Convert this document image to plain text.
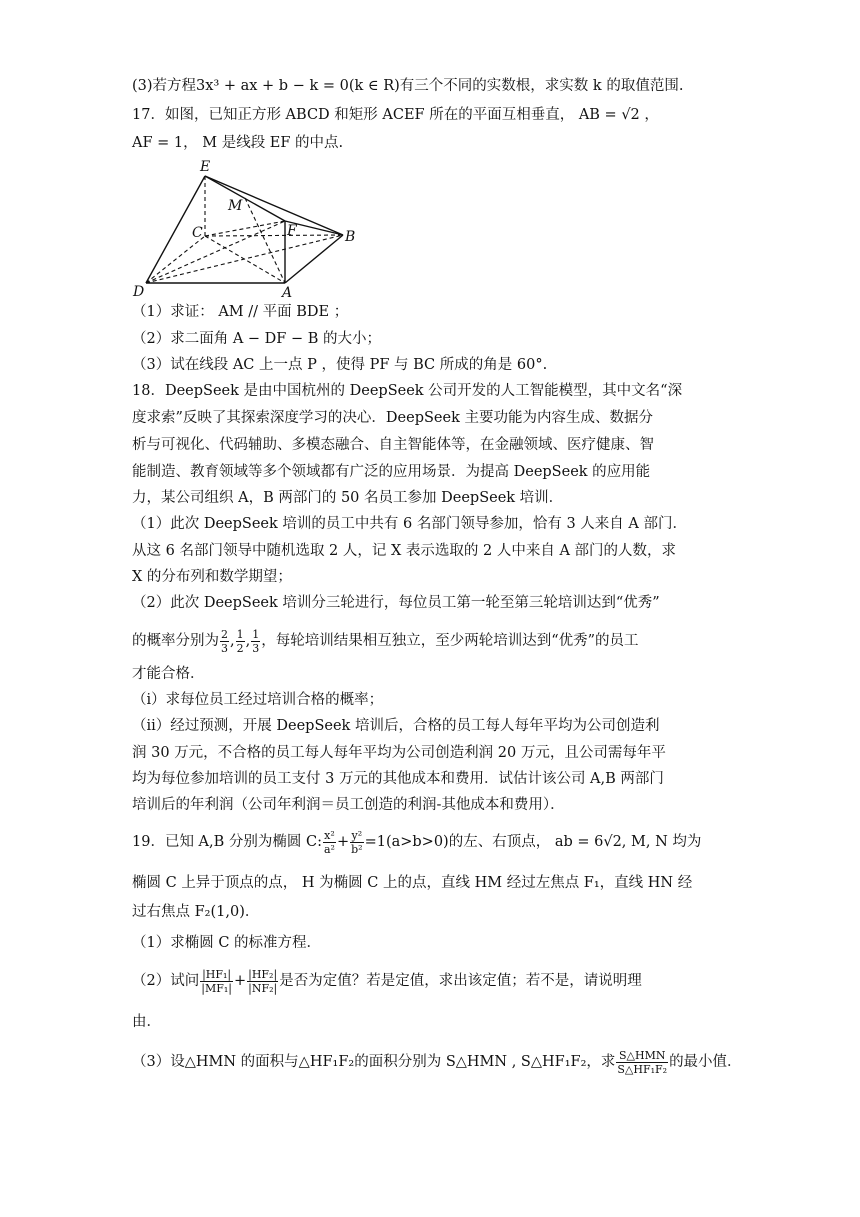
(3)若方程3x³ + ax + b − k = 0(k ∈ R)有三个不同的实数根，求实数 k 的取值范围.
17．如图，已知正方形 ABCD 和矩形 ACEF 所在的平面互相垂直， AB = √2 ，
AF = 1， M 是线段 EF 的中点.
E
M
C	F	B
D	A
（1）求证： AM // 平面 BDE ；
（2）求二面角 A − DF − B 的大小；
（3）试在线段 AC 上一点 P ，使得 PF 与 BC 所成的角是 60°.
18．DeepSeek 是由中国杭州的 DeepSeek 公司开发的人工智能模型，其中文名“深
度求索”反映了其探索深度学习的决心．DeepSeek 主要功能为内容生成、数据分
析与可视化、代码辅助、多模态融合、自主智能体等，在金融领域、医疗健康、智
能制造、教育领域等多个领域都有广泛的应用场景．为提高 DeepSeek 的应用能
力，某公司组织 A，B 两部门的 50 名员工参加 DeepSeek 培训．
（1）此次 DeepSeek 培训的员工中共有 6 名部门领导参加，恰有 3 人来自 A 部门．
从这 6 名部门领导中随机选取 2 人，记 X 表示选取的 2 人中来自 A 部门的人数，求
X 的分布列和数学期望；
（2）此次 DeepSeek 培训分三轮进行，每位员工第一轮至第三轮培训达到“优秀”
的概率分别为 $\frac{2}{3}$ , $\frac{1}{2}$ , $\frac{1}{3}$ ，每轮培训结果相互独立，至少两轮培训达到“优秀”的员工
才能合格．
（ⅰ）求每位员工经过培训合格的概率；
（ⅱ）经过预测，开展 DeepSeek 培训后，合格的员工每人每年平均为公司创造利
润 30 万元，不合格的员工每人每年平均为公司创造利润 20 万元，且公司需每年平
均为每位参加培训的员工支付 3 万元的其他成本和费用．试估计该公司 A,B 两部门
培训后的年利润（公司年利润＝员工创造的利润-其他成本和费用）．
19．已知 A,B 分别为椭圆 C: $\frac{\text{x²}}{\text{a²}} + \frac{\text{y²}}{\text{b²}} =1(a>b>0)$的左、右顶点， ab = 6√2, M, N 均为
椭圆 C 上异于顶点的点， H 为椭圆 C 上的点，直线 HM 经过左焦点 F₁，直线 HN 经
过右焦点 F₂(1,0)．
（1）求椭圆 C 的标准方程．
（2）试问 $\frac{\text{|HF₁|}}{\text{|MF₁|}} + \frac{\text{|HF₂|}}{\text{|NF₂|}}$ 是否为定值？若是定值，求出该定值；若不是，请说明理
由．
（3）设△HMN 的面积与△HF₁F₂的面积分别为 S△HMN , S△HF₁F₂，求 $\frac{\text{S△HMN}}{\text{S△HF₁F₂}}$ 的最小值．
